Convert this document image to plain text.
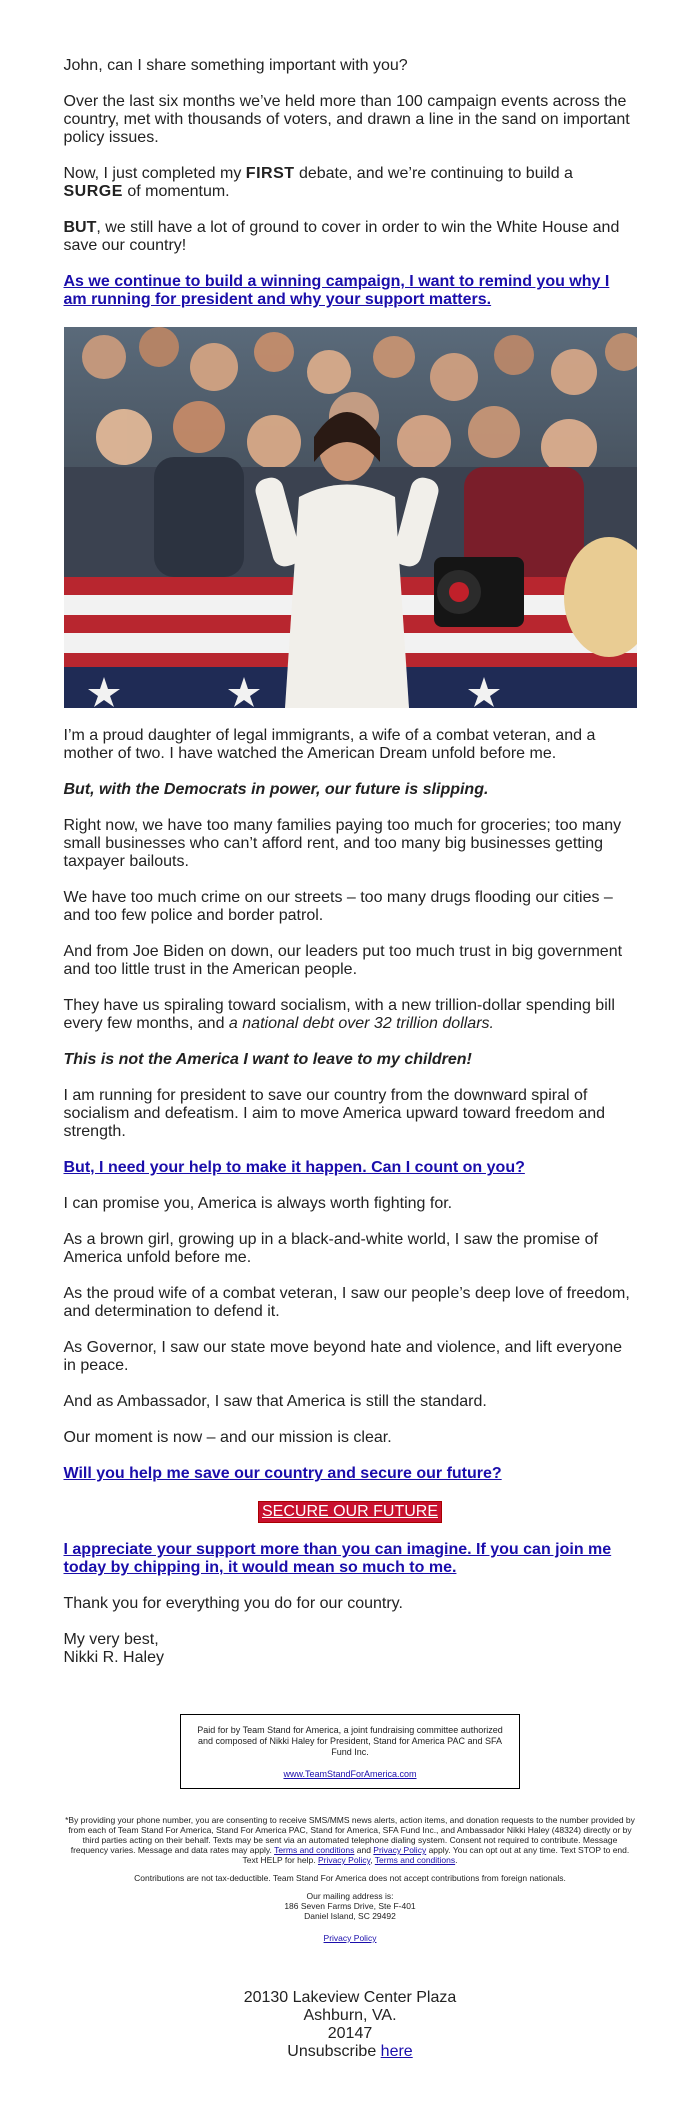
John, can I share something important with you?

Over the last six months we’ve held more than 100 campaign events across the country, met with thousands of voters, and drawn a line in the sand on important policy issues.

Now, I just completed my FIRST debate, and we’re continuing to build a SURGE of momentum.

BUT, we still have a lot of ground to cover in order to win the White House and save our country!

As we continue to build a winning campaign, I want to remind you why I am running for president and why your support matters.

I’m a proud daughter of legal immigrants, a wife of a combat veteran, and a mother of two. I have watched the American Dream unfold before me.

But, with the Democrats in power, our future is slipping.

Right now, we have too many families paying too much for groceries; too many small businesses who can’t afford rent, and too many big businesses getting taxpayer bailouts.

We have too much crime on our streets – too many drugs flooding our cities – and too few police and border patrol.

And from Joe Biden on down, our leaders put too much trust in big government and too little trust in the American people.

They have us spiraling toward socialism, with a new trillion-dollar spending bill every few months, and a national debt over 32 trillion dollars.

This is not the America I want to leave to my children!

I am running for president to save our country from the downward spiral of socialism and defeatism. I aim to move America upward toward freedom and strength.

But, I need your help to make it happen. Can I count on you?

I can promise you, America is always worth fighting for.

As a brown girl, growing up in a black-and-white world, I saw the promise of America unfold before me.

As the proud wife of a combat veteran, I saw our people’s deep love of freedom, and determination to defend it.

As Governor, I saw our state move beyond hate and violence, and lift everyone in peace.

And as Ambassador, I saw that America is still the standard.

Our moment is now – and our mission is clear.

Will you help me save our country and secure our future?

SECURE OUR FUTURE

I appreciate your support more than you can imagine. If you can join me today by chipping in, it would mean so much to me.

Thank you for everything you do for our country.

My very best,
Nikki R. Haley

Paid for by Team Stand for America, a joint fundraising committee authorized and composed of Nikki Haley for President, Stand for America PAC and SFA Fund Inc.
www.TeamStandForAmerica.com

*By providing your phone number, you are consenting to receive SMS/MMS news alerts, action items, and donation requests to the number provided by from each of Team Stand For America, Stand For America PAC, Stand for America, SFA Fund Inc., and Ambassador Nikki Haley (48324) directly or by third parties acting on their behalf. Texts may be sent via an automated telephone dialing system. Consent not required to contribute. Message frequency varies. Message and data rates may apply. Terms and conditions and Privacy Policy apply. You can opt out at any time. Text STOP to end. Text HELP for help. Privacy Policy, Terms and conditions.

Contributions are not tax-deductible. Team Stand For America does not accept contributions from foreign nationals.

Our mailing address is:
186 Seven Farms Drive, Ste F-401
Daniel Island, SC 29492

Privacy Policy

20130 Lakeview Center Plaza
Ashburn, VA.
20147
Unsubscribe here
